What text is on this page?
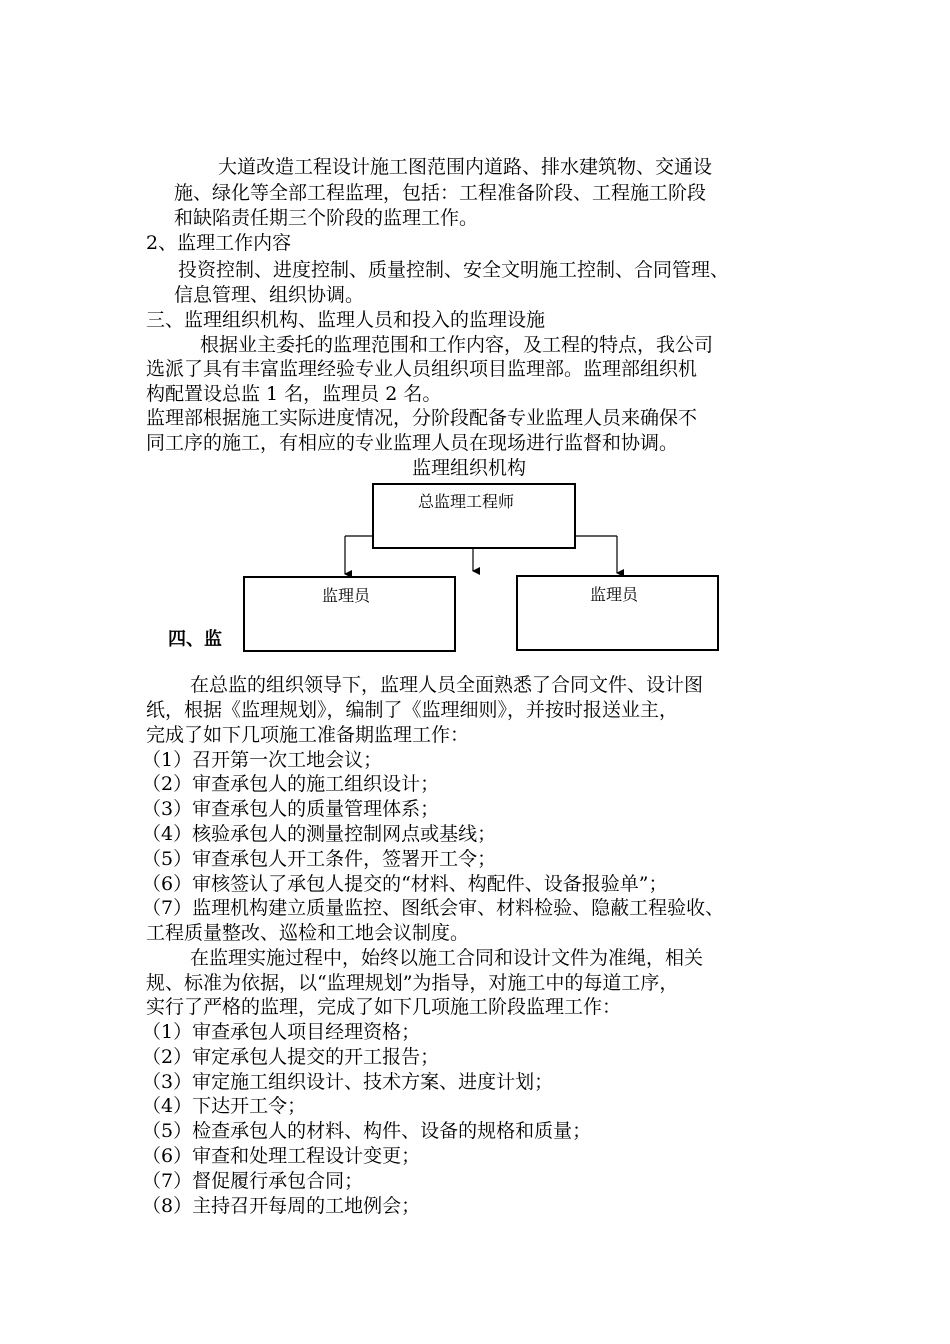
大道改造工程设计施工图范围内道路、排水建筑物、交通设
施、绿化等全部工程监理，包括：工程准备阶段、工程施工阶段
和缺陷责任期三个阶段的监理工作。
2、监理工作内容
投资控制、进度控制、质量控制、安全文明施工控制、合同管理、
信息管理、组织协调。
三、监理组织机构、监理人员和投入的监理设施
根据业主委托的监理范围和工作内容，及工程的特点，我公司
选派了具有丰富监理经验专业人员组织项目监理部。监理部组织机
构配置设总监 1 名，监理员 2 名。
监理部根据施工实际进度情况，分阶段配备专业监理人员来确保不
同工序的施工，有相应的专业监理人员在现场进行监督和协调。
监理组织机构
总监理工程师
四、监
监理员	监理员
在总监的组织领导下，监理人员全面熟悉了合同文件、设计图
纸，根据《监理规划》，编制了《监理细则》，并按时报送业主，
完成了如下几项施工准备期监理工作：
（1）召开第一次工地会议；
（2）审查承包人的施工组织设计；
（3）审查承包人的质量管理体系；
（4）核验承包人的测量控制网点或基线；
（5）审查承包人开工条件，签署开工令；
（6）审核签认了承包人提交的“材料、构配件、设备报验单”；
（7）监理机构建立质量监控、图纸会审、材料检验、隐蔽工程验收、
工程质量整改、巡检和工地会议制度。
在监理实施过程中，始终以施工合同和设计文件为准绳，相关
规、标准为依据，以“监理规划”为指导，对施工中的每道工序，
实行了严格的监理，完成了如下几项施工阶段监理工作：
（1）审查承包人项目经理资格；
（2）审定承包人提交的开工报告；
（3）审定施工组织设计、技术方案、进度计划；
（4）下达开工令；
（5）检查承包人的材料、构件、设备的规格和质量；
（6）审查和处理工程设计变更；
（7）督促履行承包合同；
（8）主持召开每周的工地例会；
